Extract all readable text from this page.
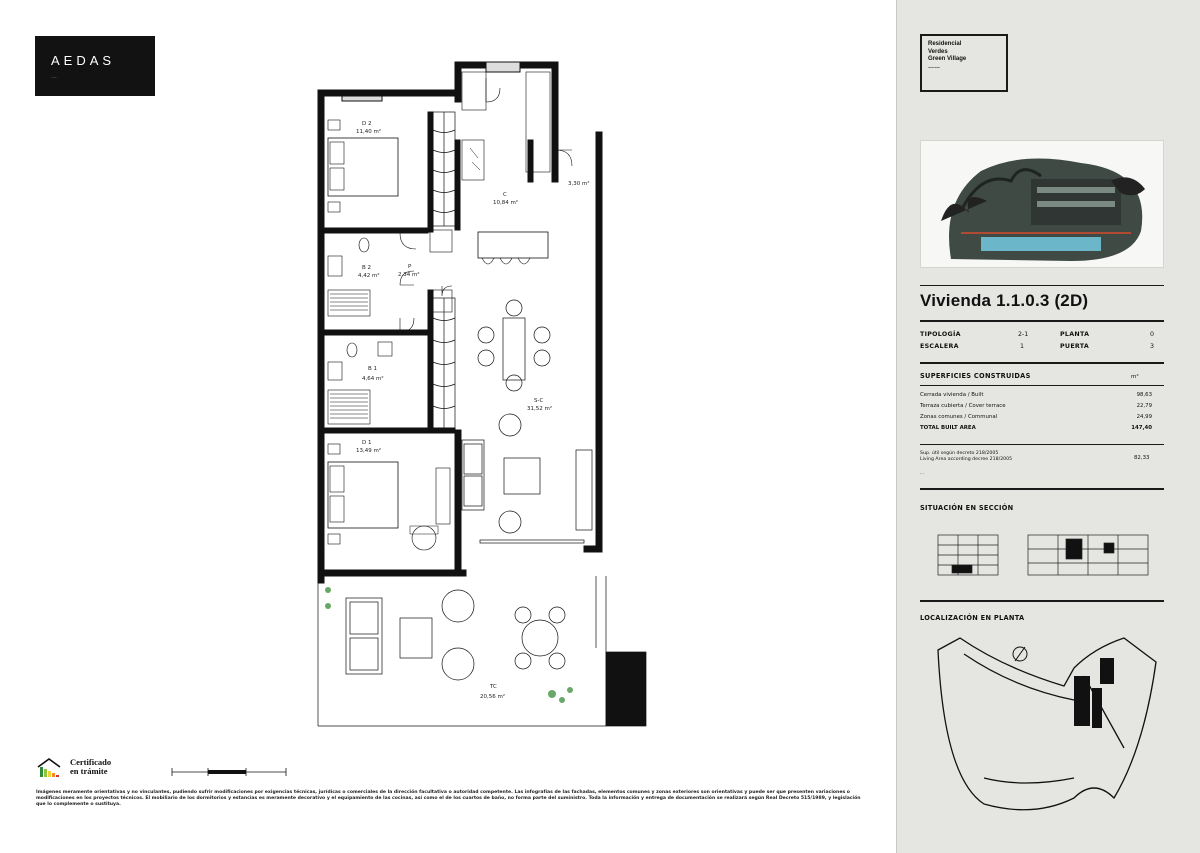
AEDAS
…
D 2
11,40 m²
C
10,84 m²
3,30 m²
B 2
4,42 m²
P
2,34 m²
B 1
4,64 m²
S-C
31,52 m²
D 1
13,49 m²
TC
20,56 m²
Certificado
en trámite
Imágenes meramente orientativas y no vinculantes, pudiendo sufrir modificaciones por exigencias técnicas, jurídicas o comerciales de la dirección facultativa o autoridad competente. Las infografías de las fachadas, elementos comunes y zonas exteriores son orientativas y puede ser que presenten variaciones o modificaciones en los proyectos técnicos. El mobiliario de los dormitorios y estancias es meramente decorativo y el equipamiento de las cocinas, así como el de los cuartos de baño, no forma parte del suministro. Toda la información y entrega de documentación se realizará según Real Decreto 515/1989, y legislación que lo complemente o sustituya.
Residencial
Verdes
Green Village
……
Vivienda 1.1.0.3 (2D)
TIPOLOGÍA	2-1	PLANTA	0
ESCALERA	1	PUERTA	3
SUPERFICIES CONSTRUIDAS	m²
Cerrada vivienda / Built	98,63
Terraza cubierta / Cover terrace	22,79
Zonas comunes / Communal	24,99
TOTAL BUILT AREA	147,40
Sup. útil según decreto 218/2005
Living Area according decree 218/2005	82,33
…
SITUACIÓN EN SECCIÓN
LOCALIZACIÓN EN PLANTA
